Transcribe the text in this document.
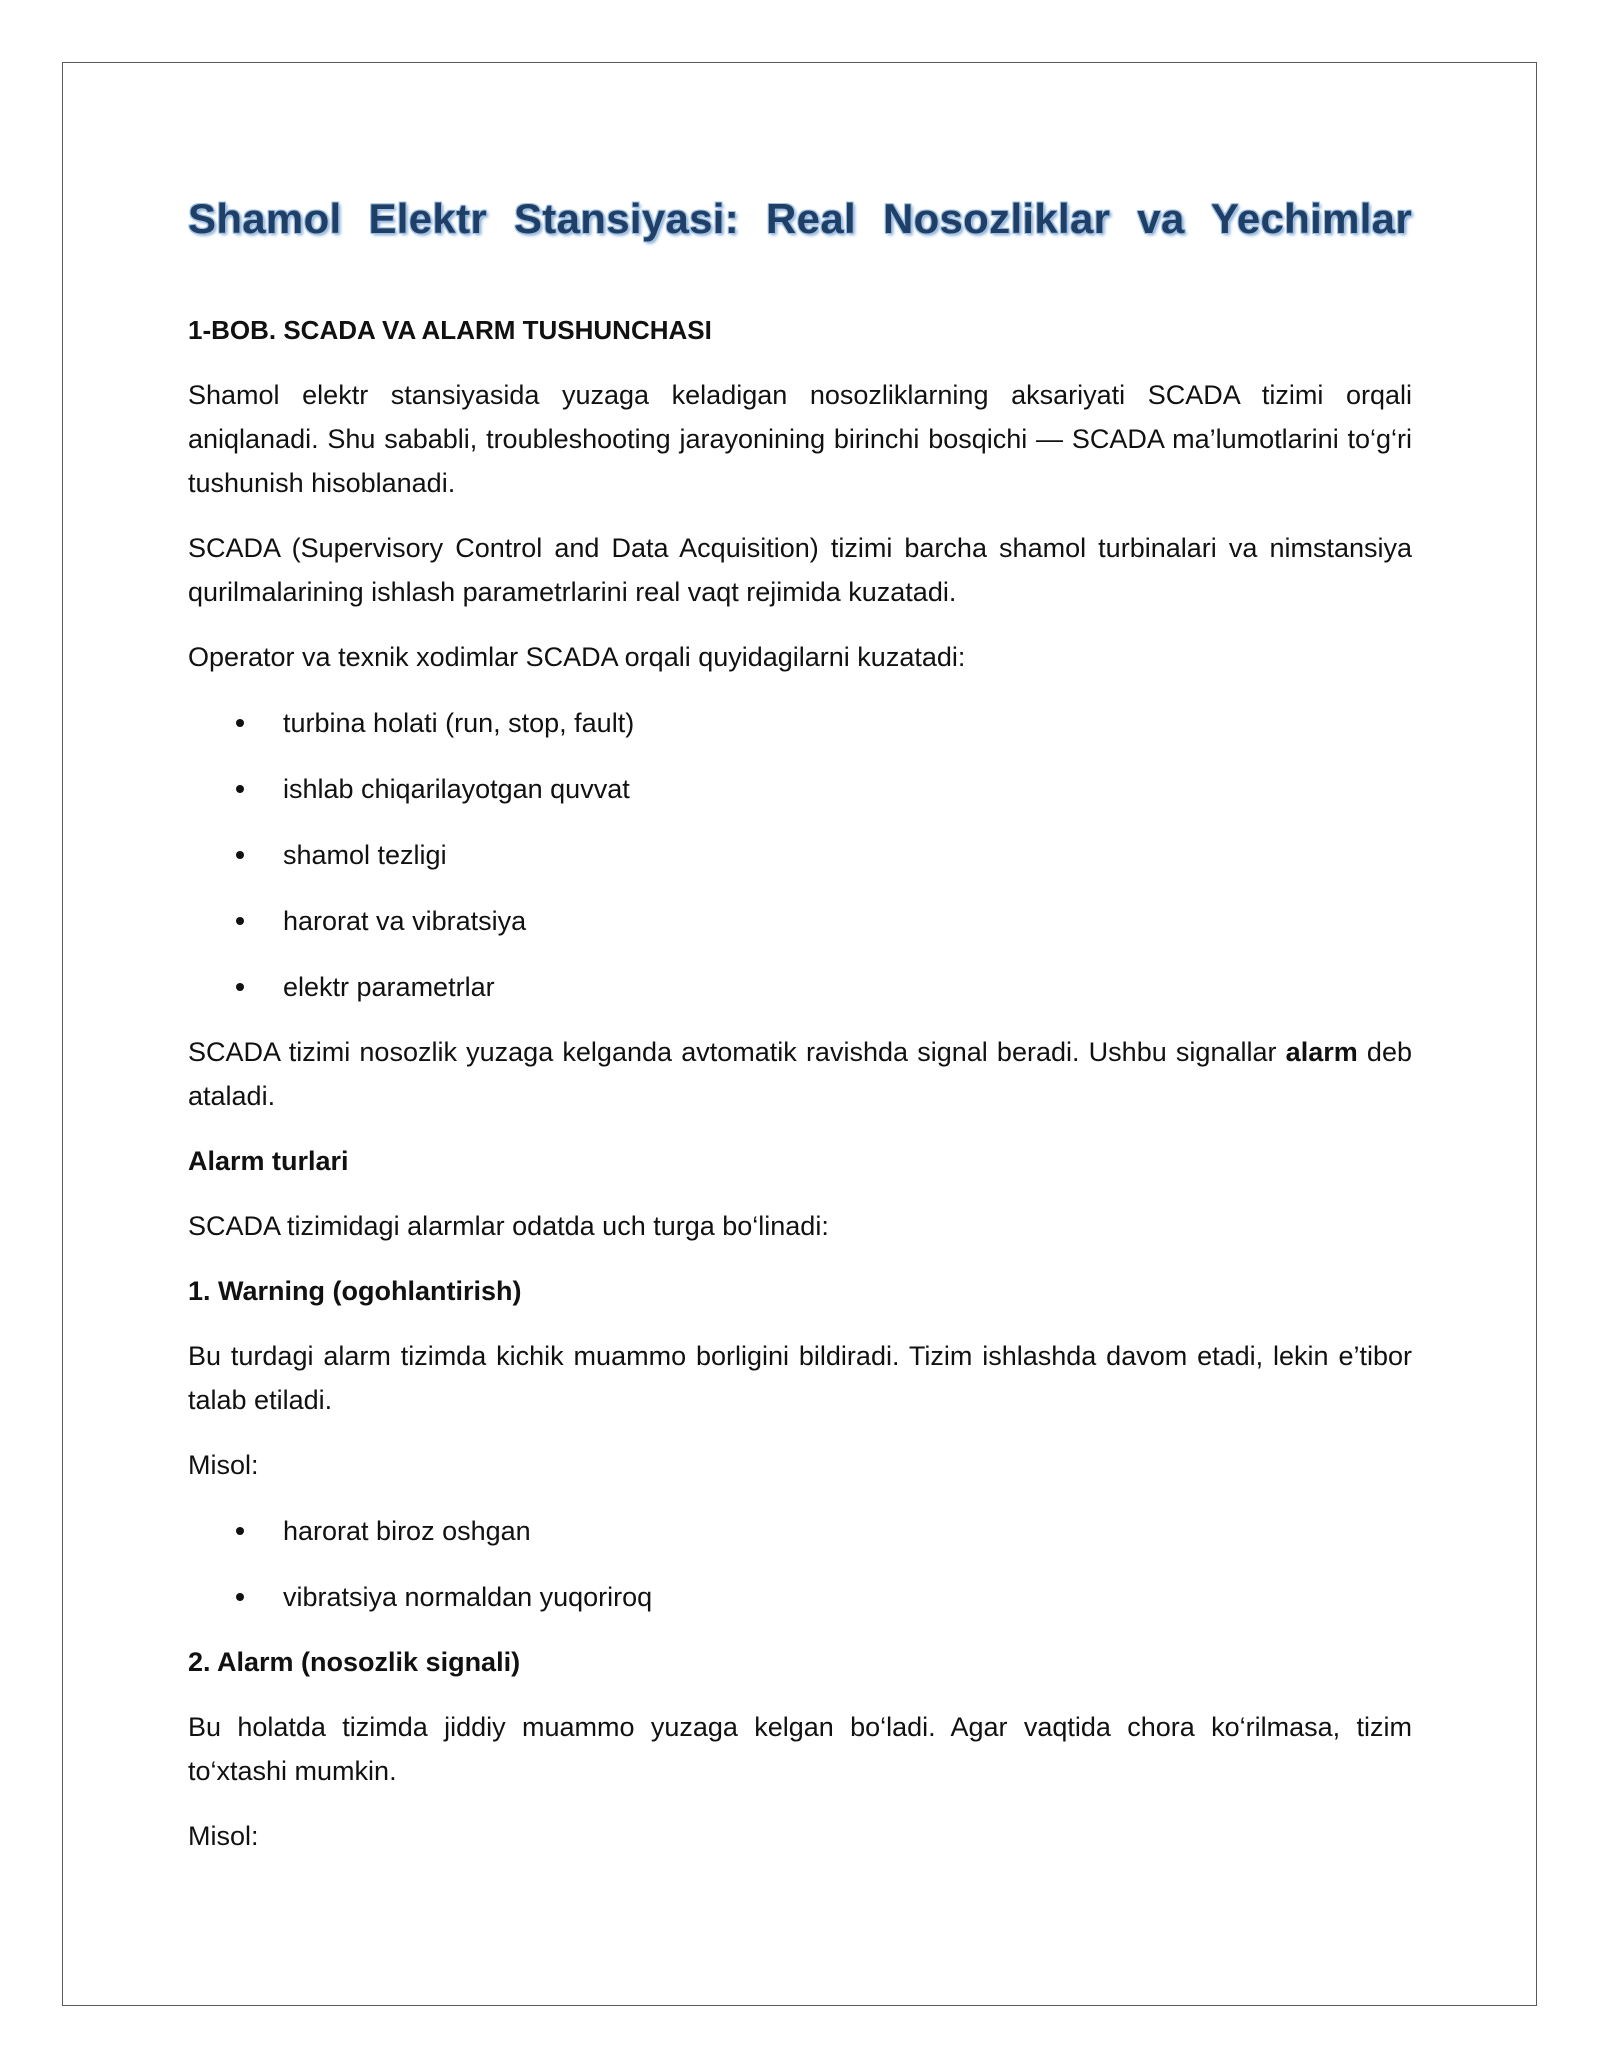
Shamol Elektr Stansiyasi: Real Nosozliklar va Yechimlar
1-BOB. SCADA VA ALARM TUSHUNCHASI

Shamol elektr stansiyasida yuzaga keladigan nosozliklarning aksariyati SCADA tizimi orqali aniqlanadi. Shu sababli, troubleshooting jarayonining birinchi bosqichi — SCADA ma’lumotlarini to‘g‘ri tushunish hisoblanadi.

SCADA (Supervisory Control and Data Acquisition) tizimi barcha shamol turbinalari va nimstansiya qurilmalarining ishlash parametrlarini real vaqt rejimida kuzatadi.

Operator va texnik xodimlar SCADA orqali quyidagilarni kuzatadi:

turbina holati (run, stop, fault)
ishlab chiqarilayotgan quvvat
shamol tezligi
harorat va vibratsiya
elektr parametrlar

SCADA tizimi nosozlik yuzaga kelganda avtomatik ravishda signal beradi. Ushbu signallar alarm deb ataladi.

Alarm turlari

SCADA tizimidagi alarmlar odatda uch turga bo‘linadi:

1. Warning (ogohlantirish)

Bu turdagi alarm tizimda kichik muammo borligini bildiradi. Tizim ishlashda davom etadi, lekin e’tibor talab etiladi.

Misol:

harorat biroz oshgan
vibratsiya normaldan yuqoriroq

2. Alarm (nosozlik signali)

Bu holatda tizimda jiddiy muammo yuzaga kelgan bo‘ladi. Agar vaqtida chora ko‘rilmasa, tizim to‘xtashi mumkin.

Misol:
